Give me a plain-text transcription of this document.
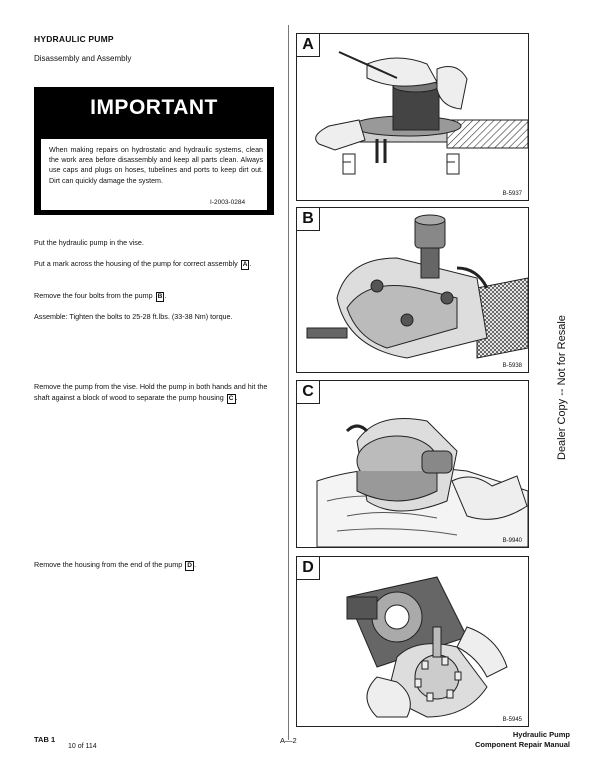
HYDRAULIC PUMP
Disassembly and Assembly
IMPORTANT
When making repairs on hydrostatic and hydraulic systems, clean the work area before disassembly and keep all parts clean. Always use caps and plugs on hoses, tubelines and ports to keep dirt out. Dirt can quickly damage the system.
I-2003-0284
Put the hydraulic pump in the vise.
Put a mark across the housing of the pump for correct assembly A .
Remove the four bolts from the pump B .
Assemble: Tighten the bolts to 25-28 ft.lbs. (33-38 Nm) torque.
Remove the pump from the vise. Hold the pump in both hands and hit the shaft against a block of wood to separate the pump housing C .
Remove the housing from the end of the pump D .
A
B-5937
B
B-5938
C
B-9940
D
B-5945
Dealer Copy -- Not for Resale
TAB 1
10 of 114
A—2
Hydraulic Pump
Component Repair Manual
